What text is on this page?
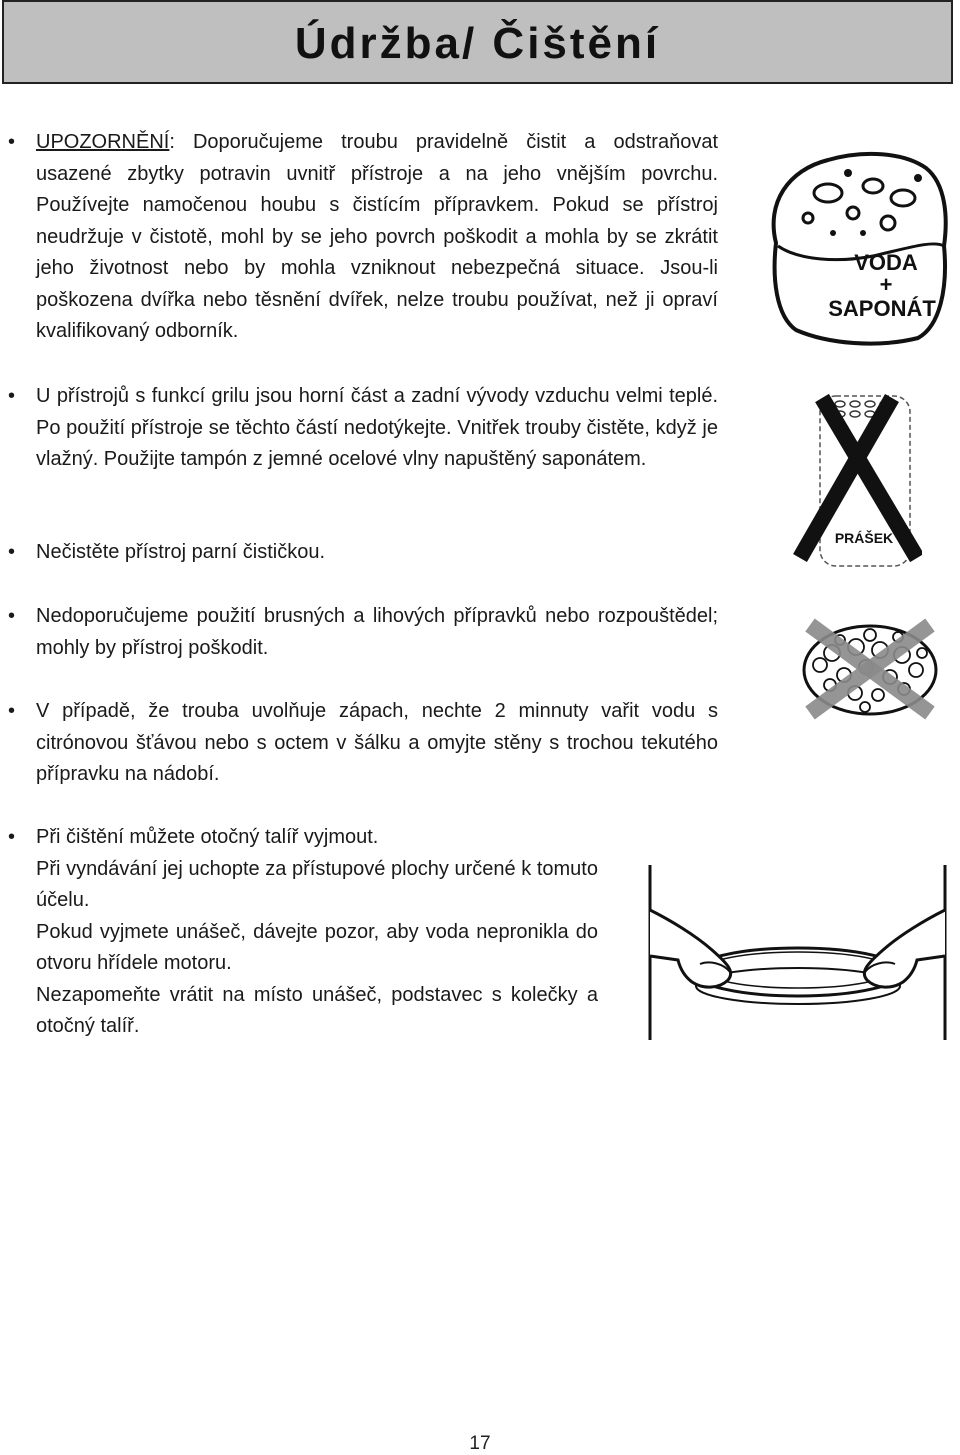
Údržba/ Čištění
• UPOZORNĚNÍ: Doporučujeme troubu pravidelně čistit a odstraňovat usazené zbytky potravin uvnitř přístroje a na jeho vnějším povrchu. Používejte namočenou houbu s čistícím přípravkem. Pokud se přístroj neudržuje v čistotě, mohl by se jeho povrch poškodit a mohla by se zkrátit jeho životnost nebo by mohla vzniknout nebezpečná situace. Jsou-li poškozena dvířka nebo těsnění dvířek, nelze troubu používat, než ji opraví kvalifikovaný odborník.
• U přístrojů s funkcí grilu jsou horní část a zadní vývody vzduchu velmi teplé. Po použití přístroje se těchto částí nedotýkejte. Vnitřek trouby čistěte, když je vlažný. Použijte tampón z jemné ocelové vlny napuštěný saponátem.
• Nečistěte přístroj parní čističkou.
• Nedoporučujeme použití brusných a lihových přípravků nebo rozpouštědel; mohly by přístroj poškodit.
• V případě, že trouba uvolňuje zápach, nechte 2 minnuty vařit vodu s citrónovou šťávou nebo s octem v šálku a omyjte stěny s trochou tekutého přípravku na nádobí.
• Při čištění můžete otočný talíř vyjmout.

Při vyndávání jej uchopte za přístupové plochy určené k tomuto účelu.

Pokud vyjmete unášeč, dávejte pozor, aby voda nepronikla do otvoru hřídele motoru.

Nezapomeňte vrátit na místo unášeč, podstavec s kolečky a otočný talíř.

VODA
+
SAPONÁT
PRÁŠEK
17
